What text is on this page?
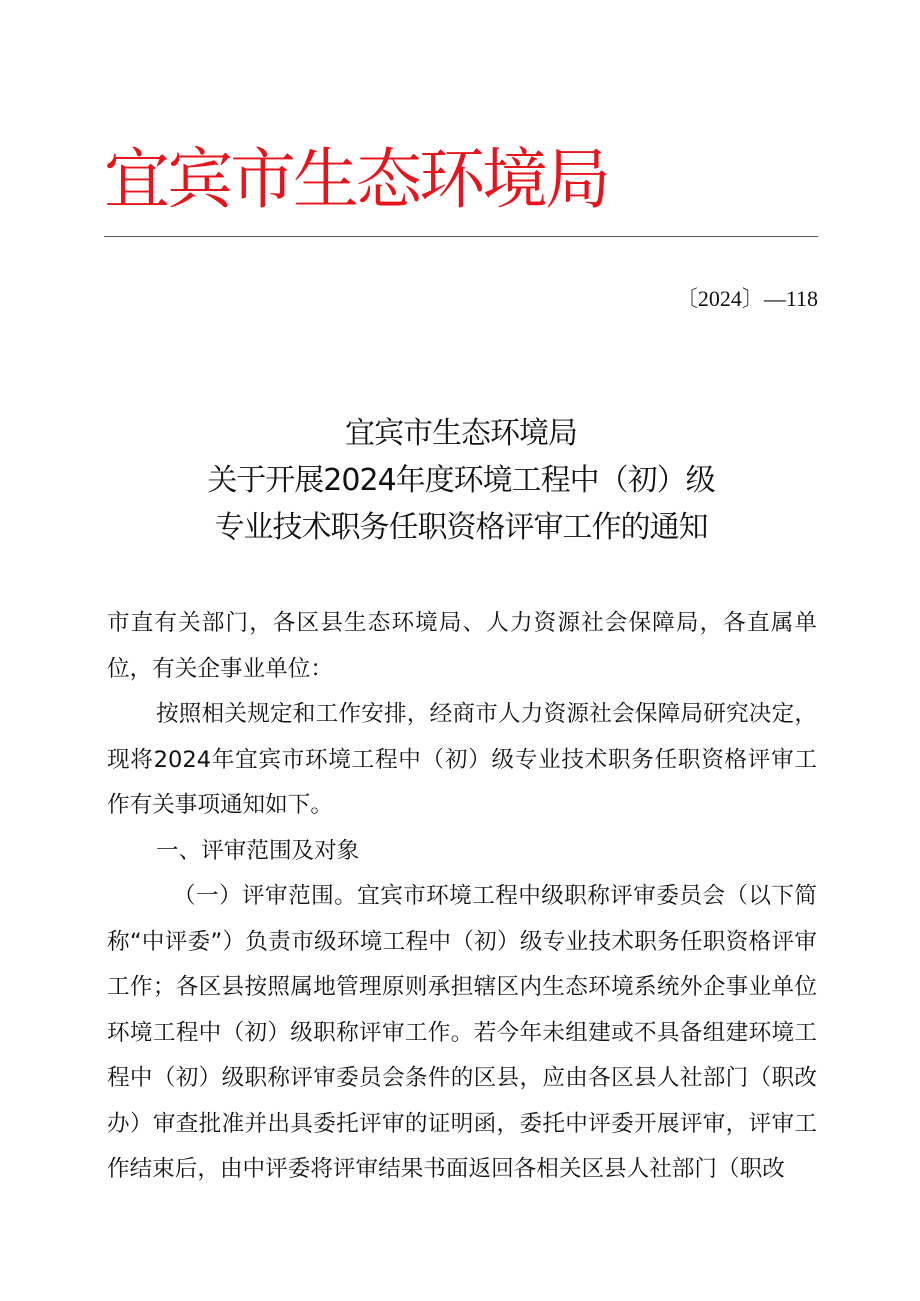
宜宾市生态环境局
〔2024〕—118
宜宾市生态环境局
关于开展2024年度环境工程中（初）级
专业技术职务任职资格评审工作的通知

市直有关部门，各区县生态环境局、人力资源社会保障局，各直属单位，有关企事业单位：

按照相关规定和工作安排，经商市人力资源社会保障局研究决定，现将2024年宜宾市环境工程中（初）级专业技术职务任职资格评审工作有关事项通知如下。

一、评审范围及对象

（一）评审范围。宜宾市环境工程中级职称评审委员会（以下简称“中评委”）负责市级环境工程中（初）级专业技术职务任职资格评审工作；各区县按照属地管理原则承担辖区内生态环境系统外企事业单位环境工程中（初）级职称评审工作。若今年未组建或不具备组建环境工程中（初）级职称评审委员会条件的区县，应由各区县人社部门（职改办）审查批准并出具委托评审的证明函，委托中评委开展评审，评审工作结束后，由中评委将评审结果书面返回各相关区县人社部门（职改
